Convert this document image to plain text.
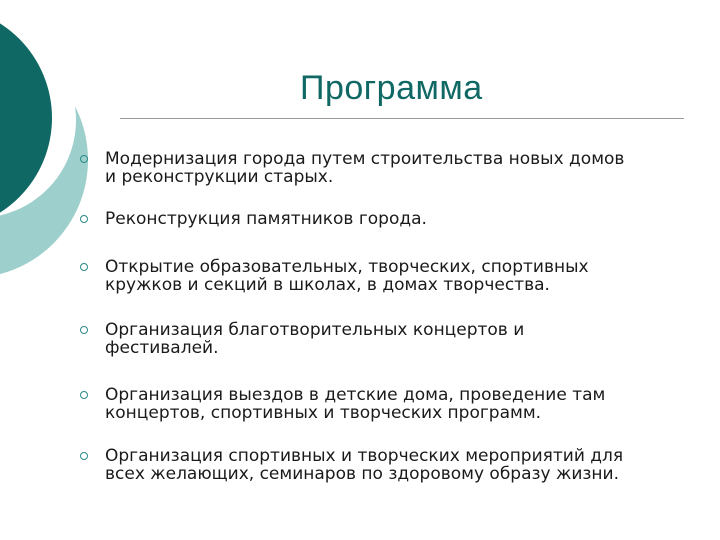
Программа
Модернизация города путем строительства новых домов
и реконструкции старых.
Реконструкция памятников города.
Открытие образовательных, творческих, спортивных
кружков и секций в школах, в домах творчества.
Организация благотворительных концертов и
фестивалей.
Организация выездов в детские дома, проведение там
концертов, спортивных и творческих программ.
Организация спортивных и творческих мероприятий для
всех желающих, семинаров по здоровому образу жизни.
